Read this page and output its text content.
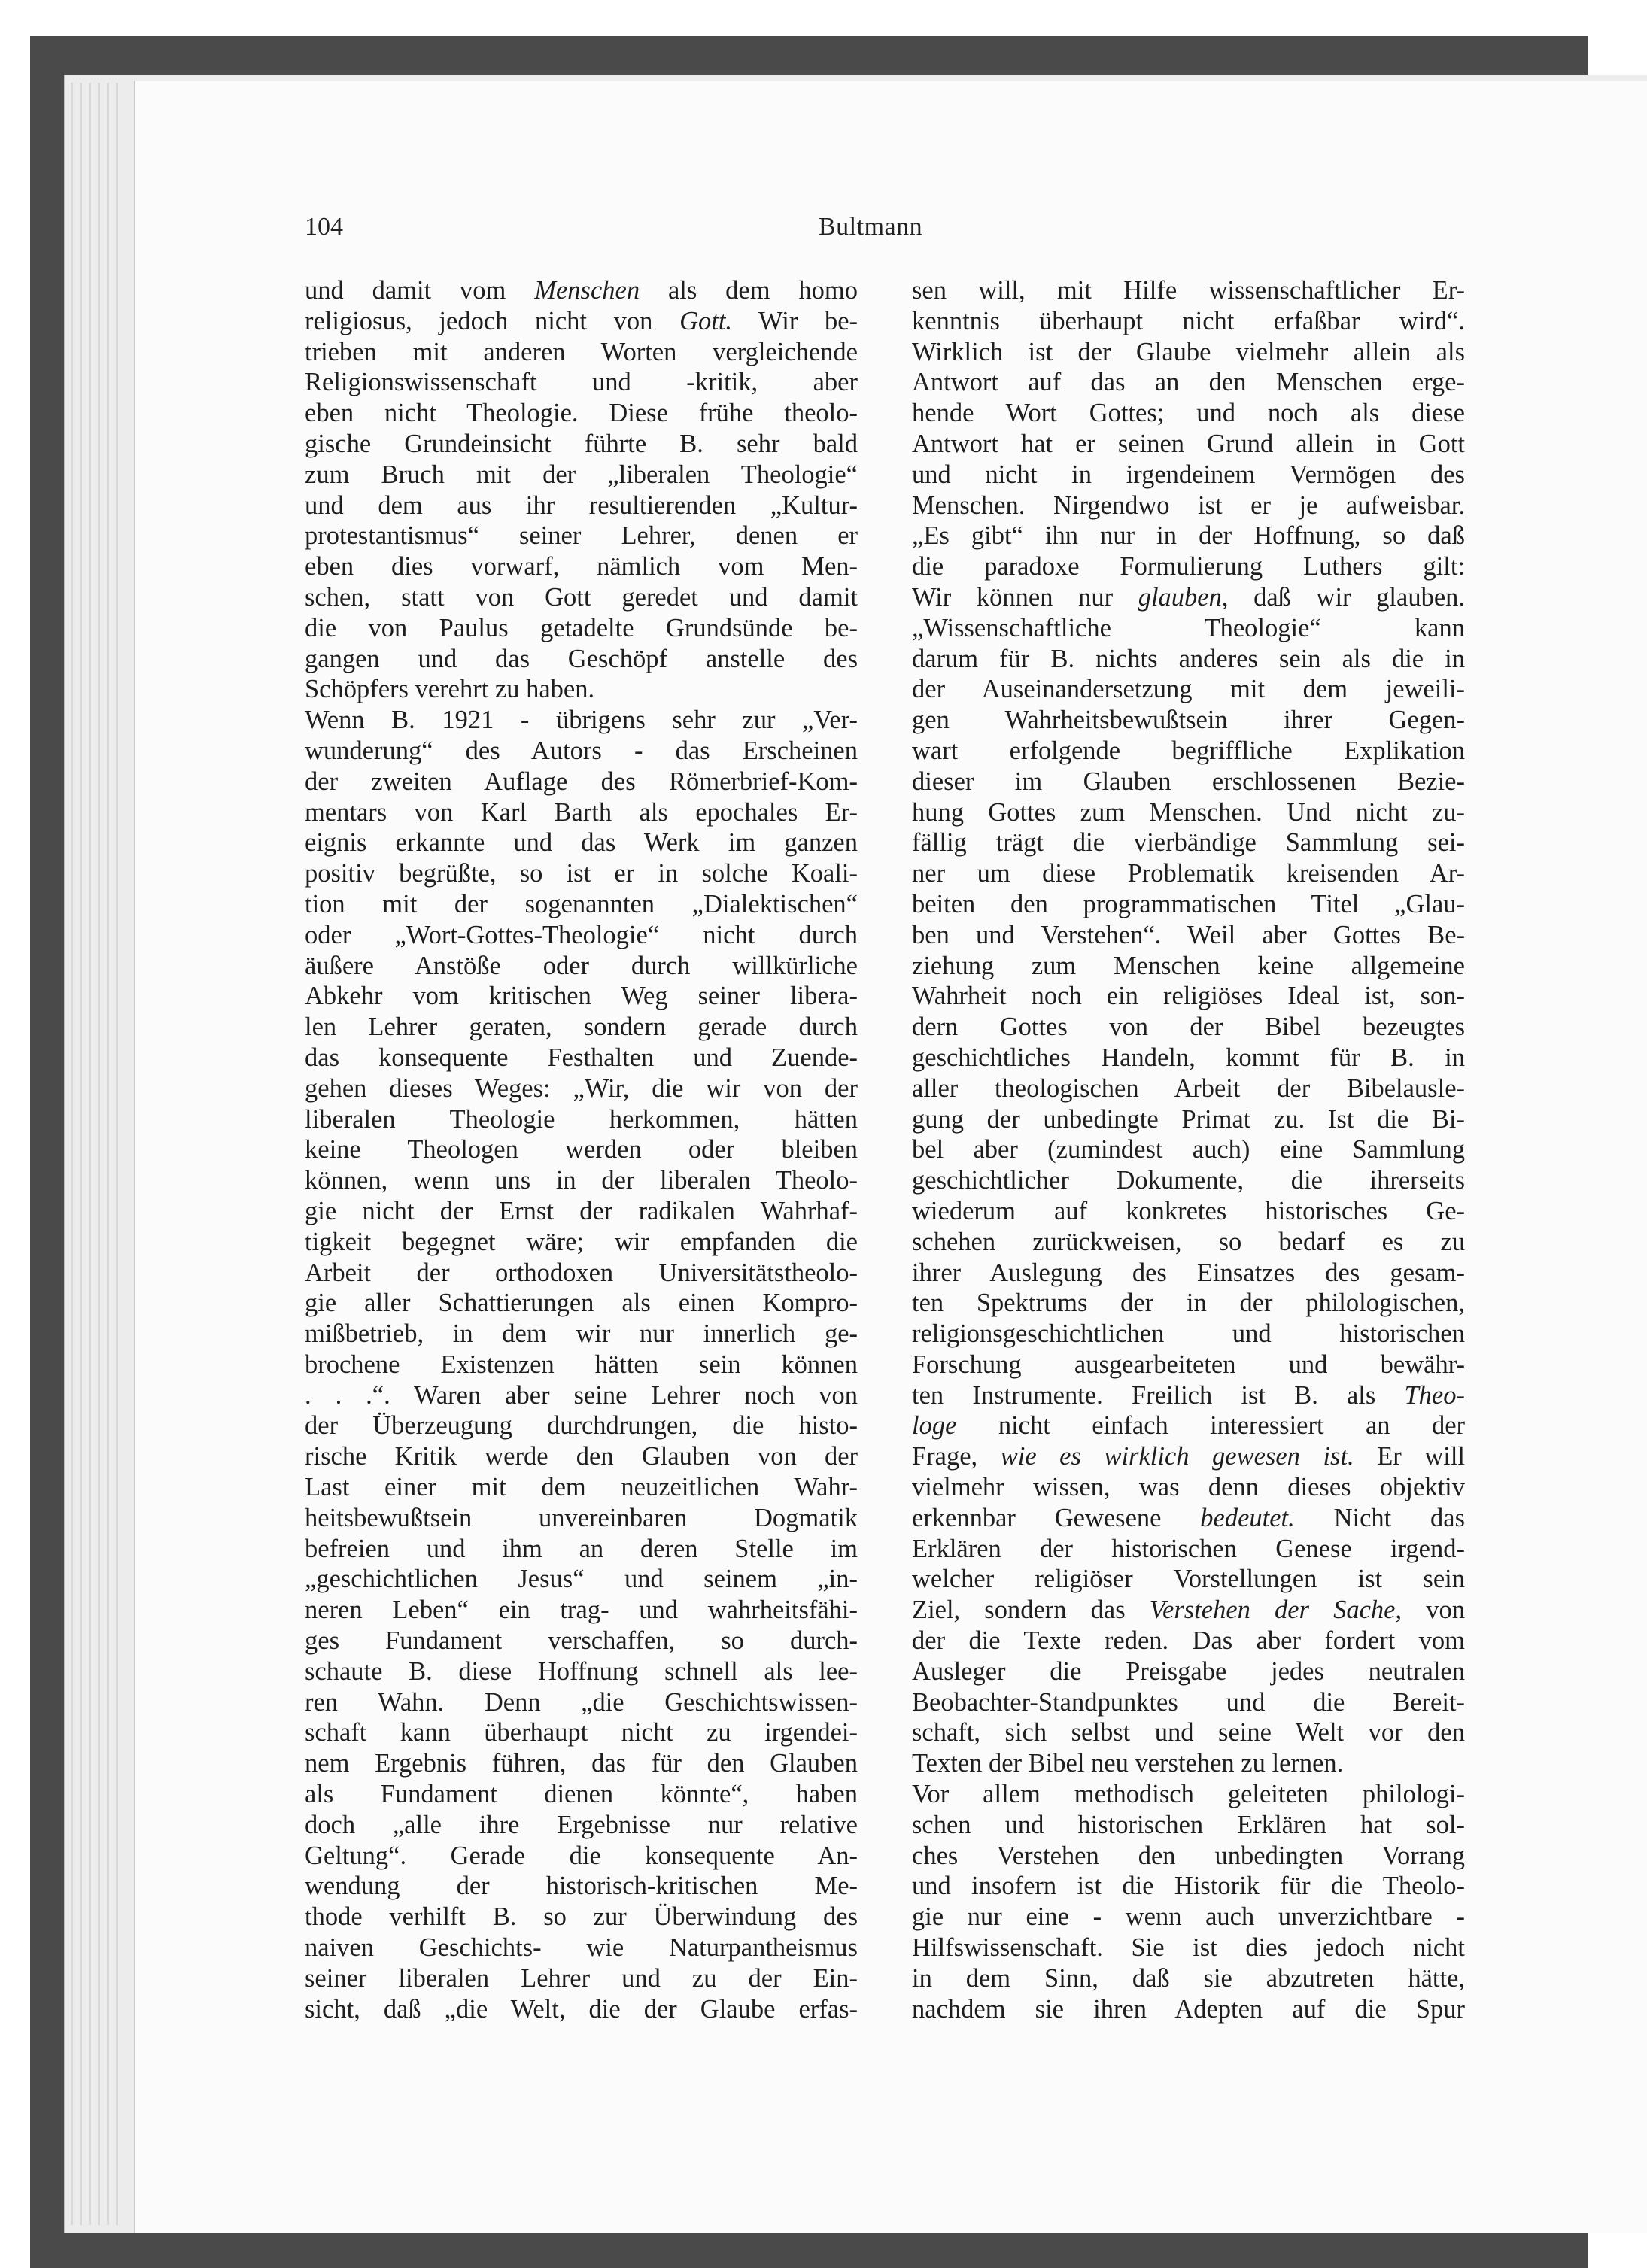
104	Bultmann
und damit vom Menschen als dem homo
religiosus, jedoch nicht von Gott. Wir be-
trieben mit anderen Worten vergleichende
Religionswissenschaft und -kritik, aber
eben nicht Theologie. Diese frühe theolo-
gische Grundeinsicht führte B. sehr bald
zum Bruch mit der „liberalen Theologie“
und dem aus ihr resultierenden „Kultur-
protestantismus“ seiner Lehrer, denen er
eben dies vorwarf, nämlich vom Men-
schen, statt von Gott geredet und damit
die von Paulus getadelte Grundsünde be-
gangen und das Geschöpf anstelle des
Schöpfers verehrt zu haben.
Wenn B. 1921 - übrigens sehr zur „Ver-
wunderung“ des Autors - das Erscheinen
der zweiten Auflage des Römerbrief-Kom-
mentars von Karl Barth als epochales Er-
eignis erkannte und das Werk im ganzen
positiv begrüßte, so ist er in solche Koali-
tion mit der sogenannten „Dialektischen“
oder „Wort-Gottes-Theologie“ nicht durch
äußere Anstöße oder durch willkürliche
Abkehr vom kritischen Weg seiner libera-
len Lehrer geraten, sondern gerade durch
das konsequente Festhalten und Zuende-
gehen dieses Weges: „Wir, die wir von der
liberalen Theologie herkommen, hätten
keine Theologen werden oder bleiben
können, wenn uns in der liberalen Theolo-
gie nicht der Ernst der radikalen Wahrhaf-
tigkeit begegnet wäre; wir empfanden die
Arbeit der orthodoxen Universitätstheolo-
gie aller Schattierungen als einen Kompro-
mißbetrieb, in dem wir nur innerlich ge-
brochene Existenzen hätten sein können
. . .“. Waren aber seine Lehrer noch von
der Überzeugung durchdrungen, die histo-
rische Kritik werde den Glauben von der
Last einer mit dem neuzeitlichen Wahr-
heitsbewußtsein unvereinbaren Dogmatik
befreien und ihm an deren Stelle im
„geschichtlichen Jesus“ und seinem „in-
neren Leben“ ein trag- und wahrheitsfähi-
ges Fundament verschaffen, so durch-
schaute B. diese Hoffnung schnell als lee-
ren Wahn. Denn „die Geschichtswissen-
schaft kann überhaupt nicht zu irgendei-
nem Ergebnis führen, das für den Glauben
als Fundament dienen könnte“, haben
doch „alle ihre Ergebnisse nur relative
Geltung“. Gerade die konsequente An-
wendung der historisch-kritischen Me-
thode verhilft B. so zur Überwindung des
naiven Geschichts- wie Naturpantheismus
seiner liberalen Lehrer und zu der Ein-
sicht, daß „die Welt, die der Glaube erfas-
sen will, mit Hilfe wissenschaftlicher Er-
kenntnis überhaupt nicht erfaßbar wird“.
Wirklich ist der Glaube vielmehr allein als
Antwort auf das an den Menschen erge-
hende Wort Gottes; und noch als diese
Antwort hat er seinen Grund allein in Gott
und nicht in irgendeinem Vermögen des
Menschen. Nirgendwo ist er je aufweisbar.
„Es gibt“ ihn nur in der Hoffnung, so daß
die paradoxe Formulierung Luthers gilt:
Wir können nur glauben, daß wir glauben.
„Wissenschaftliche Theologie“ kann
darum für B. nichts anderes sein als die in
der Auseinandersetzung mit dem jeweili-
gen Wahrheitsbewußtsein ihrer Gegen-
wart erfolgende begriffliche Explikation
dieser im Glauben erschlossenen Bezie-
hung Gottes zum Menschen. Und nicht zu-
fällig trägt die vierbändige Sammlung sei-
ner um diese Problematik kreisenden Ar-
beiten den programmatischen Titel „Glau-
ben und Verstehen“. Weil aber Gottes Be-
ziehung zum Menschen keine allgemeine
Wahrheit noch ein religiöses Ideal ist, son-
dern Gottes von der Bibel bezeugtes
geschichtliches Handeln, kommt für B. in
aller theologischen Arbeit der Bibelausle-
gung der unbedingte Primat zu. Ist die Bi-
bel aber (zumindest auch) eine Sammlung
geschichtlicher Dokumente, die ihrerseits
wiederum auf konkretes historisches Ge-
schehen zurückweisen, so bedarf es zu
ihrer Auslegung des Einsatzes des gesam-
ten Spektrums der in der philologischen,
religionsgeschichtlichen und historischen
Forschung ausgearbeiteten und bewähr-
ten Instrumente. Freilich ist B. als Theo-
loge nicht einfach interessiert an der
Frage, wie es wirklich gewesen ist. Er will
vielmehr wissen, was denn dieses objektiv
erkennbar Gewesene bedeutet. Nicht das
Erklären der historischen Genese irgend-
welcher religiöser Vorstellungen ist sein
Ziel, sondern das Verstehen der Sache, von
der die Texte reden. Das aber fordert vom
Ausleger die Preisgabe jedes neutralen
Beobachter-Standpunktes und die Bereit-
schaft, sich selbst und seine Welt vor den
Texten der Bibel neu verstehen zu lernen.
Vor allem methodisch geleiteten philologi-
schen und historischen Erklären hat sol-
ches Verstehen den unbedingten Vorrang
und insofern ist die Historik für die Theolo-
gie nur eine - wenn auch unverzichtbare -
Hilfswissenschaft. Sie ist dies jedoch nicht
in dem Sinn, daß sie abzutreten hätte,
nachdem sie ihren Adepten auf die Spur
